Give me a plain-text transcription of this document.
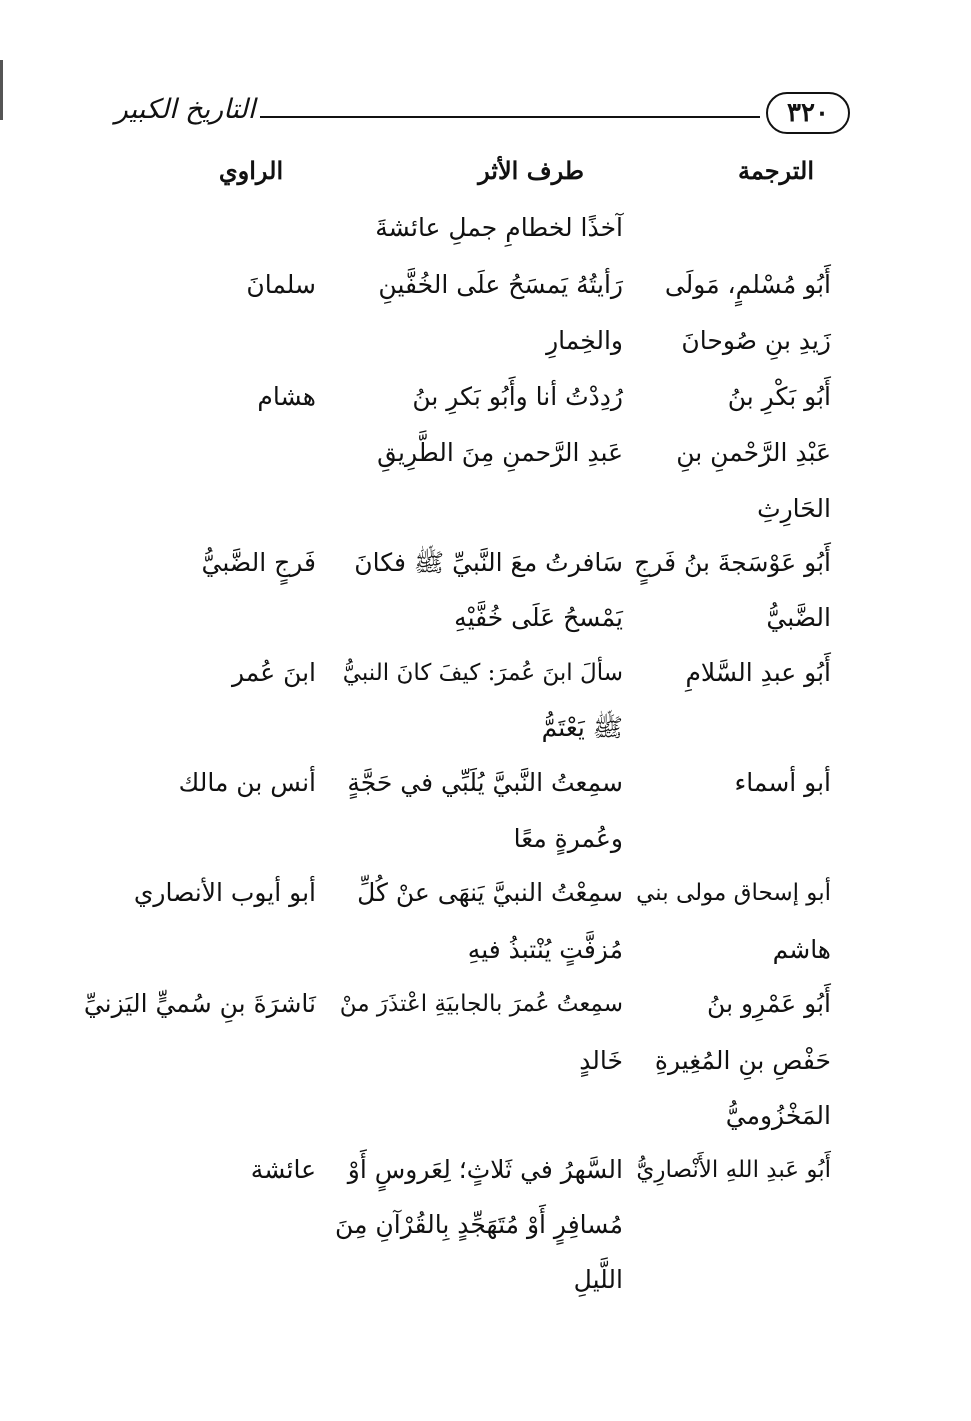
٣٢٠
التاريخ الكبير
الترجمة
طرف الأثر
الراوي
آخذًا لخطامِ جملِ عائشةَ
أَبُو مُسْلمٍ، مَولَى
رَأيتُهُ يَمسَحُ علَى الخُفَّينِ
سلمانَ
زَيدِ بنِ صُوحانَ
والخِمارِ
أَبُو بَكْرِ بنُ
رُدِدْتُ أنا وأَبُو بَكرِ بنُ
هشام
عَبْدِ الرَّحْمنِ بنِ
عَبدِ الرَّحمنِ مِنَ الطَّرِيقِ
الحَارِثِ
أَبُو عَوْسَجةَ بنُ فَرجٍ
سَافرتُ معَ النَّبيِّ ﷺ فكانَ
فَرجٍ الضَّبيُّ
الضَّبيُّ
يَمْسحُ عَلَى خُفَّيْهِ
أَبُو عبدِ السَّلامِ
سألَ ابنَ عُمرَ: كيفَ كانَ النبيُّ
ابنَ عُمر
ﷺ يَعْتَمُّ
أبو أسماء
سمِعتُ النَّبيَّ يُلَبِّي في حَجَّةٍ
أنس بن مالك
وعُمرةٍ معًا
أبو إسحاق مولى بني
سمِعْتُ النبيَّ يَنهَى عنْ كُلِّ
أبو أيوب الأنصاري
هاشم
مُزفَّتٍ يُنْتبذُ فيهِ
أَبُو عَمْرِو بنُ
سمِعتُ عُمرَ بالجابيَةِ اعْتذَرَ منْ
نَاشرَةَ بنِ سُميٍّ اليَزنيِّ
حَفْصِ بنِ المُغِيرةِ
خَالدٍ
المَخْزُوميُّ
أَبُو عَبدِ اللهِ الأَنْصارِيُّ
السَّهرُ في ثَلاثٍ؛ لِعَروسٍ أَوْ
عائشة
مُسافِرٍ أَوْ مُتَهَجِّدٍ بِالقُرْآنِ مِنَ
اللَّيلِ
